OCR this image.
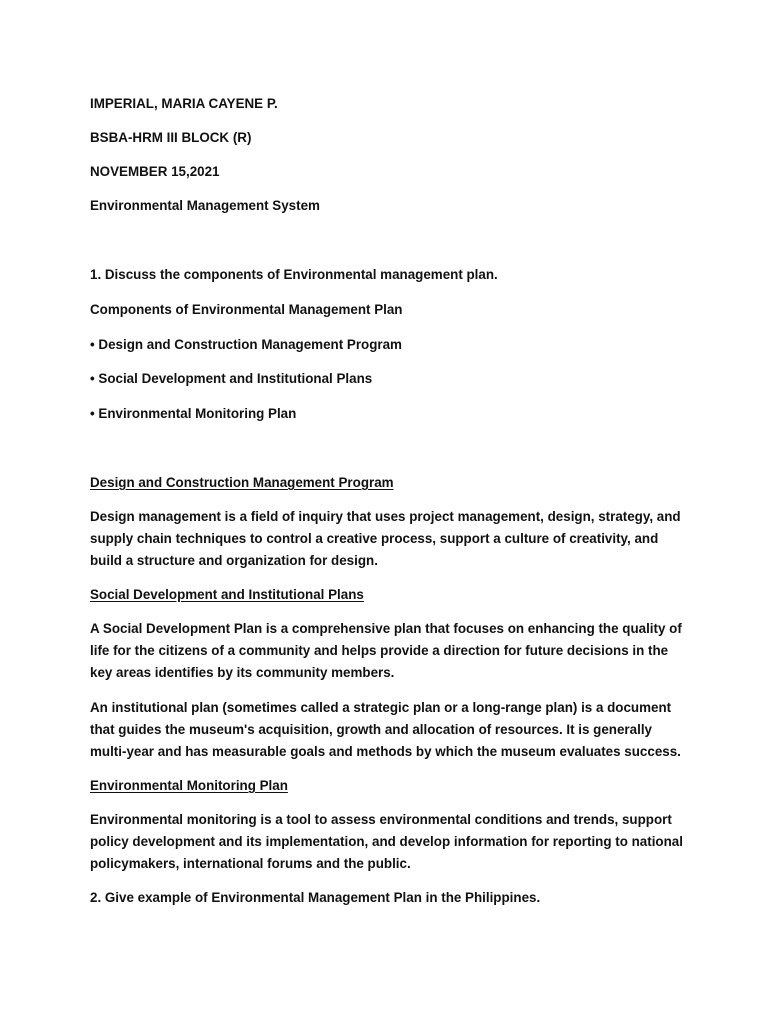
IMPERIAL, MARIA CAYENE P.

BSBA-HRM III BLOCK (R)

NOVEMBER 15,2021

Environmental Management System

1. Discuss the components of Environmental management plan.

Components of Environmental Management Plan

• Design and Construction Management Program

• Social Development and Institutional Plans

• Environmental Monitoring Plan

Design and Construction Management Program

Design management is a field of inquiry that uses project management, design, strategy, and supply chain techniques to control a creative process, support a culture of creativity, and build a structure and organization for design.

Social Development and Institutional Plans

A Social Development Plan is a comprehensive plan that focuses on enhancing the quality of life for the citizens of a community and helps provide a direction for future decisions in the key areas identifies by its community members.

An institutional plan (sometimes called a strategic plan or a long-range plan) is a document that guides the museum's acquisition, growth and allocation of resources. It is generally multi-year and has measurable goals and methods by which the museum evaluates success.

Environmental Monitoring Plan

Environmental monitoring is a tool to assess environmental conditions and trends, support policy development and its implementation, and develop information for reporting to national policymakers, international forums and the public.

2. Give example of Environmental Management Plan in the Philippines.
